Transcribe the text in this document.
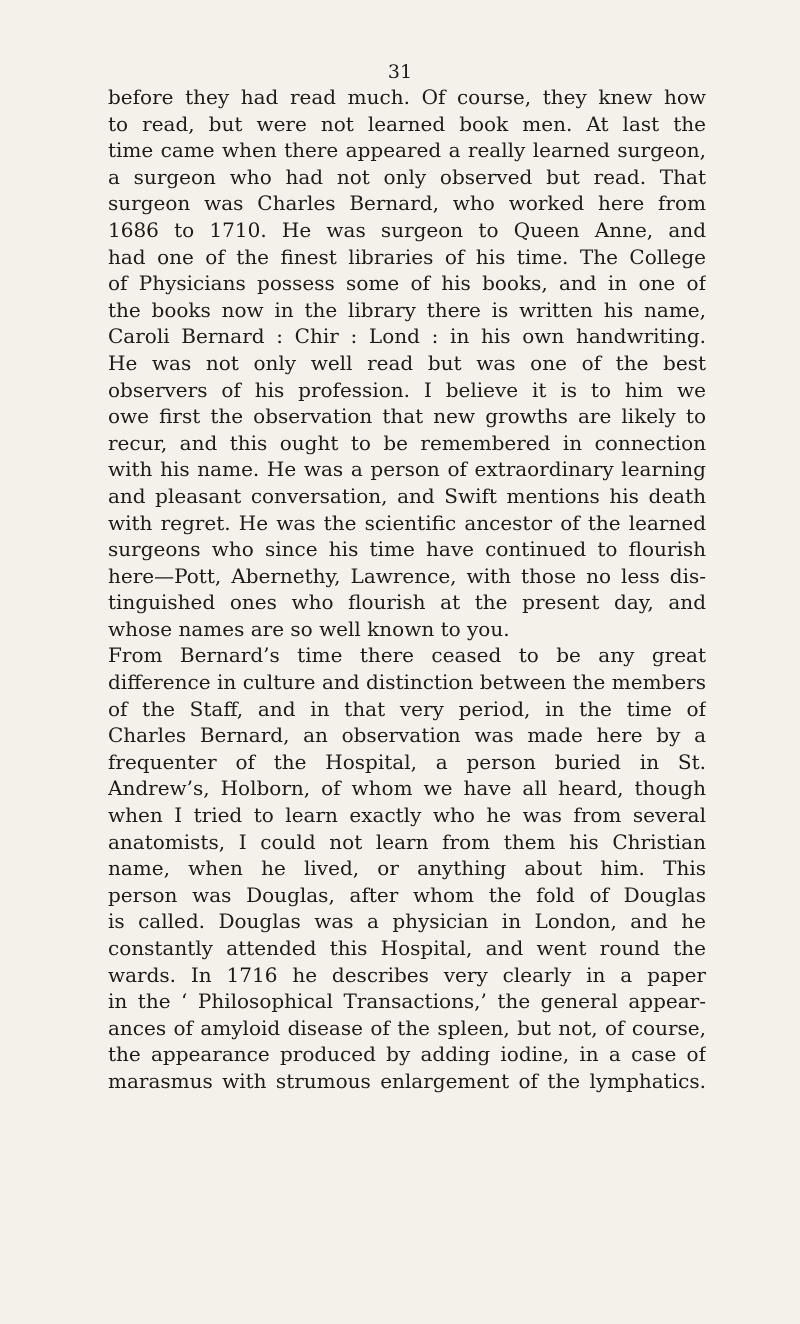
31
before they had read much. Of course, they knew how
to read, but were not learned book men. At last the
time came when there appeared a really learned surgeon,
a surgeon who had not only observed but read. That
surgeon was Charles Bernard, who worked here from
1686 to 1710. He was surgeon to Queen Anne, and
had one of the finest libraries of his time. The College
of Physicians possess some of his books, and in one of
the books now in the library there is written his name,
Caroli Bernard : Chir : Lond : in his own handwriting.
He was not only well read but was one of the best
observers of his profession. I believe it is to him we
owe first the observation that new growths are likely to
recur, and this ought to be remembered in connection
with his name. He was a person of extraordinary learning
and pleasant conversation, and Swift mentions his death
with regret. He was the scientific ancestor of the learned
surgeons who since his time have continued to flourish
here—Pott, Abernethy, Lawrence, with those no less dis-
tinguished ones who flourish at the present day, and
whose names are so well known to you.
From Bernard’s time there ceased to be any great
difference in culture and distinction between the members
of the Staff, and in that very period, in the time of
Charles Bernard, an observation was made here by a
frequenter of the Hospital, a person buried in St.
Andrew’s, Holborn, of whom we have all heard, though
when I tried to learn exactly who he was from several
anatomists, I could not learn from them his Christian
name, when he lived, or anything about him. This
person was Douglas, after whom the fold of Douglas
is called. Douglas was a physician in London, and he
constantly attended this Hospital, and went round the
wards. In 1716 he describes very clearly in a paper
in the ‘ Philosophical Transactions,’ the general appear-
ances of amyloid disease of the spleen, but not, of course,
the appearance produced by adding iodine, in a case of
marasmus with strumous enlargement of the lymphatics.
